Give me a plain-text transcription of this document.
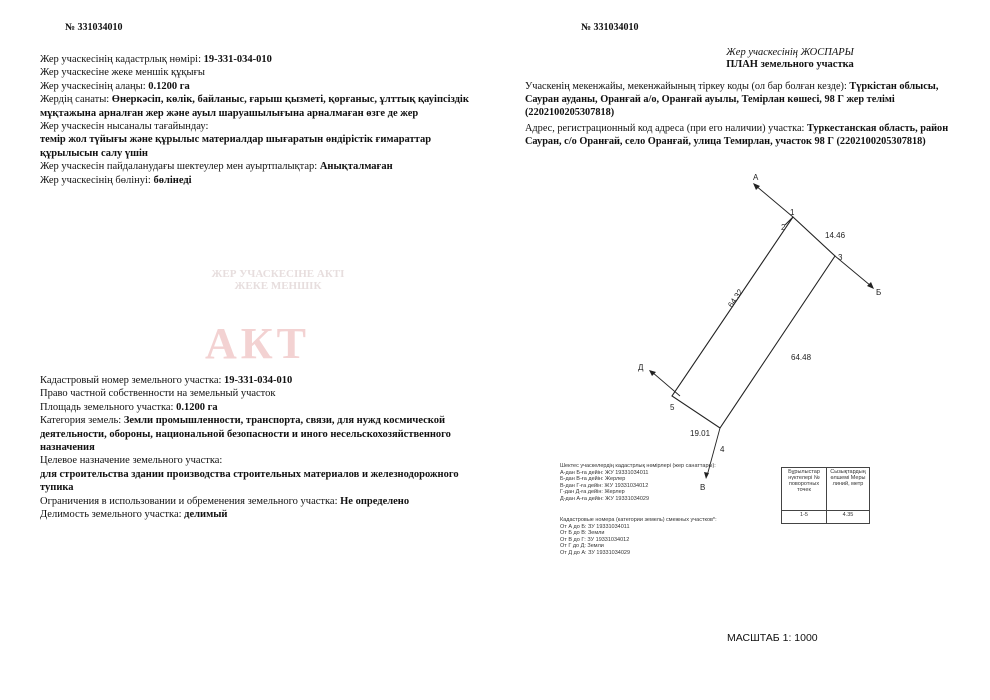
№ 331034010
ЖЕР УЧАСКЕСІНЕ АКТІ ЖЕКЕ МЕНШІК
АКТ

Жер учаскесінің кадастрлық нөмірі: 19-331-034-010

Жер учаскесіне жеке меншік құқығы

Жер учаскесінің алаңы: 0.1200 га

Жердің санаты: Өнеркәсіп, көлік, байланыс, ғарыш қызметі, қорғаныс, ұлттық қауіпсіздік мұқтажына арналған жер және ауыл шаруашылығына арналмаған өзге де жер

Жер учаскесін нысаналы тағайындау:

темір жол түйығы және құрылыс материалдар шығаратын өндірістік ғимараттар құрылысын салу үшін

Жер учаскесін пайдаланудағы шектеулер мен ауыртпалықтар: Анықталмаған

Жер учаскесінің бөлінуі: бөлінеді

Кадастровый номер земельного участка: 19-331-034-010

Право частной собственности на земельный участок

Площадь земельного участка: 0.1200 га

Категория земель: Земли промышленности, транспорта, связи, для нужд космической деятельности, обороны, национальной безопасности и иного несельскохозяйственного назначения

Целевое назначение земельного участка:

для строительства здании производства строительных материалов и железнодорожного тупика

Ограничения в использовании и обременения земельного участка: Не определено

Делимость земельного участка: делимый

№ 331034010
Жер учаскесінің ЖОСПАРЫ
ПЛАН земельного участка

Учаскенің мекенжайы, мекенжайының тіркеу коды (ол бар болған кезде): Түркістан облысы, Сауран ауданы, Оранғай а/о, Оранғай ауылы, Темірлан көшесі, 98 Г жер телімі (2202100205307818)

Адрес, регистрационный код адреса (при его наличии) участка: Туркестанская область, район Сауран, с/о Оранғай, село Оранғай, улица Темирлан, участок 98 Г (2202100205307818)

1
2
3
4
5
А
Б
В
Д
14.46
64.32
64.48
19.01

Шектес учаскелердің кадастрлық нөмірлері (жер санаттары):

А-дан Б-ға дейін: ЖУ 19331034011

Б-дан В-ға дейін: Жерлер

В-дан Г-ға дейін: ЖУ 19331034012

Г-дан Д-ға дейін: Жерлер

Д-дан А-ға дейін: ЖУ 19331034029

Кадастровые номера (категории земель) смежных участков*:

От А до Б: ЗУ 19331034011

От Б до В: Земли

От В до Г: ЗУ 19331034012

От Г до Д: Земли

От Д до А: ЗУ 19331034029

Бұрылыстар нүктелері № поворотных точек	Сызықтардың өлшемі Меры линий, метр
1-5	4.35
МАСШТАБ 1: 1000
